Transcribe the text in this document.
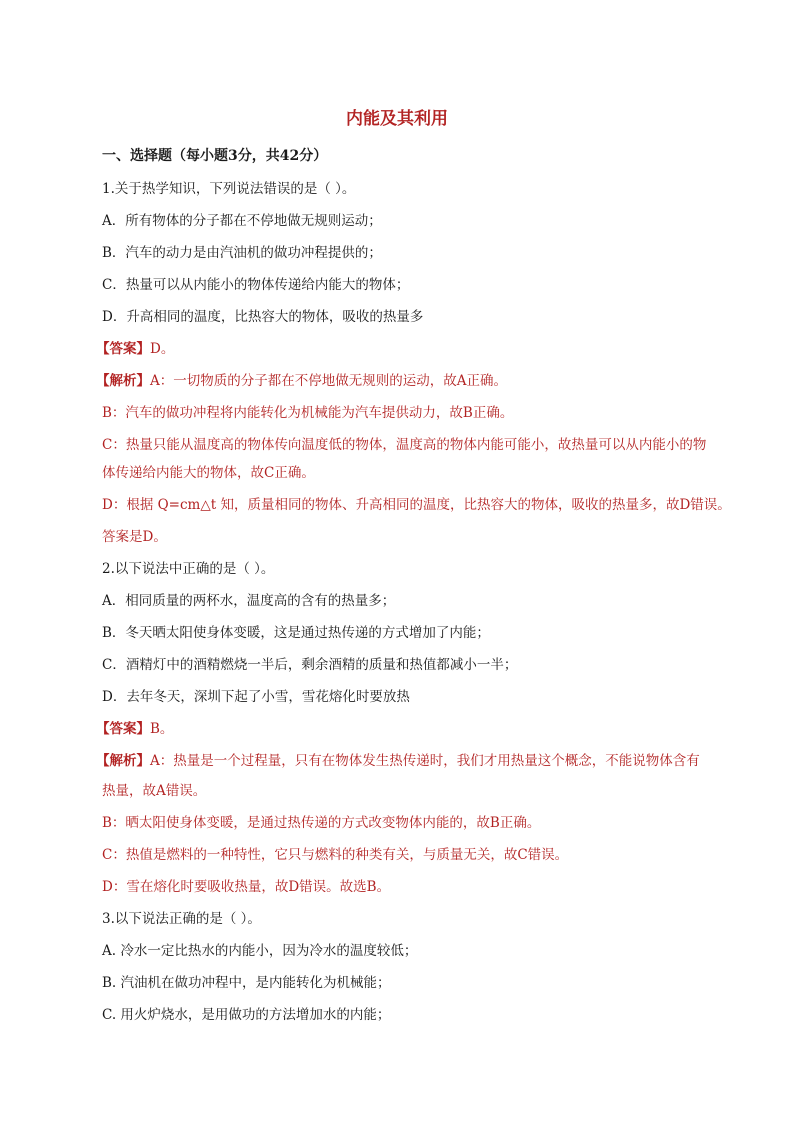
内能及其利用
一、选择题（每小题3分，共42分）
1.关于热学知识，下列说法错误的是（ ）。
A．所有物体的分子都在不停地做无规则运动；
B．汽车的动力是由汽油机的做功冲程提供的；
C．热量可以从内能小的物体传递给内能大的物体；
D．升高相同的温度，比热容大的物体，吸收的热量多
【答案】D。
【解析】A：一切物质的分子都在不停地做无规则的运动，故A正确。
B：汽车的做功冲程将内能转化为机械能为汽车提供动力，故B正确。
C：热量只能从温度高的物体传向温度低的物体，温度高的物体内能可能小，故热量可以从内能小的物
体传递给内能大的物体，故C正确。
D：根据 Q=cm△t 知，质量相同的物体、升高相同的温度，比热容大的物体，吸收的热量多，故D错误。
答案是D。
2.以下说法中正确的是（ ）。
A．相同质量的两杯水，温度高的含有的热量多；
B．冬天晒太阳使身体变暖，这是通过热传递的方式增加了内能；
C．酒精灯中的酒精燃烧一半后，剩余酒精的质量和热值都减小一半；
D．去年冬天，深圳下起了小雪，雪花熔化时要放热
【答案】B。
【解析】A：热量是一个过程量，只有在物体发生热传递时，我们才用热量这个概念，不能说物体含有
热量，故A错误。
B：晒太阳使身体变暖，是通过热传递的方式改变物体内能的，故B正确。
C：热值是燃料的一种特性，它只与燃料的种类有关，与质量无关，故C错误。
D：雪在熔化时要吸收热量，故D错误。故选B。
3.以下说法正确的是（ ）。
A. 冷水一定比热水的内能小，因为冷水的温度较低；
B. 汽油机在做功冲程中，是内能转化为机械能；
C. 用火炉烧水，是用做功的方法增加水的内能；
